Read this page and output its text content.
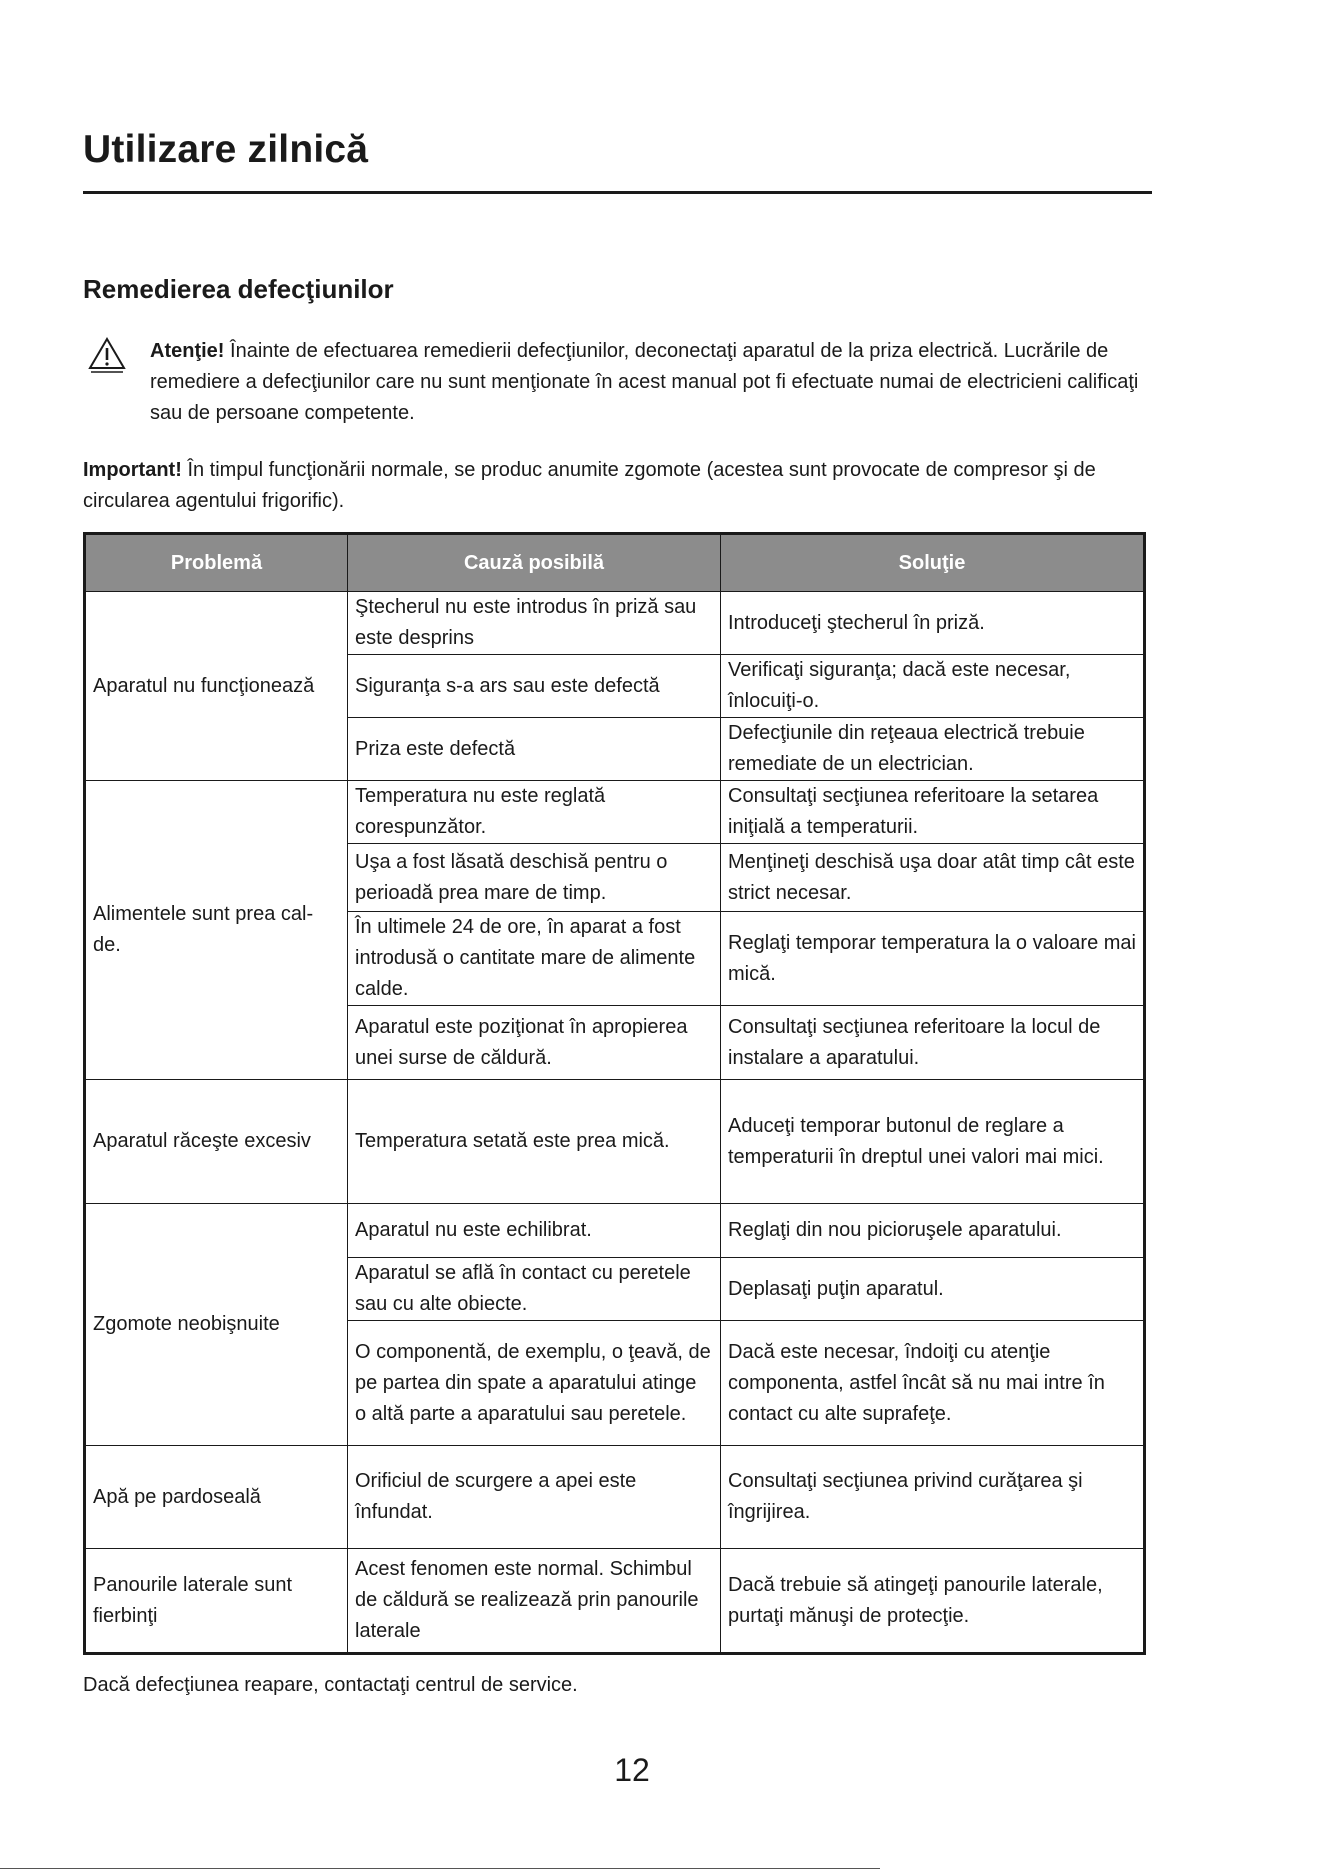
Utilizare zilnică
Remedierea defecţiunilor

Atenţie! Înainte de efectuarea remedierii defecţiunilor, deconectaţi aparatul de la priza electrică. Lucrările de remediere a defecţiunilor care nu sunt menţionate în acest manual pot fi efectuate numai de electricieni calificaţi sau de persoane competente.

Important! În timpul funcţionării normale, se produc anumite zgomote (acestea sunt provocate de compresor şi de circularea agentului frigorific).

Problemă	Cauză posibilă	Soluţie
Aparatul nu funcţionează	Ştecherul nu este introdus în priză sau este desprins	Introduceţi ştecherul în priză.
	Siguranţa s-a ars sau este defectă	Verificaţi siguranţa; dacă este necesar, înlocuiţi-o.
	Priza este defectă	Defecţiunile din reţeaua electrică trebuie remediate de un electrician.
Alimentele sunt prea cal-de.	Temperatura nu este reglată corespunzător.	Consultaţi secţiunea referitoare la setarea iniţială a temperaturii.
	Uşa a fost lăsată deschisă pentru o perioadă prea mare de timp.	Menţineţi deschisă uşa doar atât timp cât este strict necesar.
	În ultimele 24 de ore, în aparat a fost introdusă o cantitate mare de alimente calde.	Reglaţi temporar temperatura la o valoare mai mică.
	Aparatul este poziţionat în apropierea unei surse de căldură.	Consultaţi secţiunea referitoare la locul de instalare a aparatului.
Aparatul răceşte excesiv	Temperatura setată este prea mică.	Aduceţi temporar butonul de reglare a temperaturii în dreptul unei valori mai mici.
Zgomote neobişnuite	Aparatul nu este echilibrat.	Reglaţi din nou picioruşele aparatului.
	Aparatul se află în contact cu peretele sau cu alte obiecte.	Deplasaţi puţin aparatul.
	O componentă, de exemplu, o ţeavă, de pe partea din spate a aparatului atinge o altă parte a aparatului sau peretele.	Dacă este necesar, îndoiţi cu atenţie componenta, astfel încât să nu mai intre în contact cu alte suprafeţe.
Apă pe pardoseală	Orificiul de scurgere a apei este înfundat.	Consultaţi secţiunea privind curăţarea şi îngrijirea.
Panourile laterale sunt fierbinţi	Acest fenomen este normal. Schimbul de căldură se realizează prin panourile laterale	Dacă trebuie să atingeţi panourile laterale, purtaţi mănuşi de protecţie.

Dacă defecţiunea reapare, contactaţi centrul de service.

12
